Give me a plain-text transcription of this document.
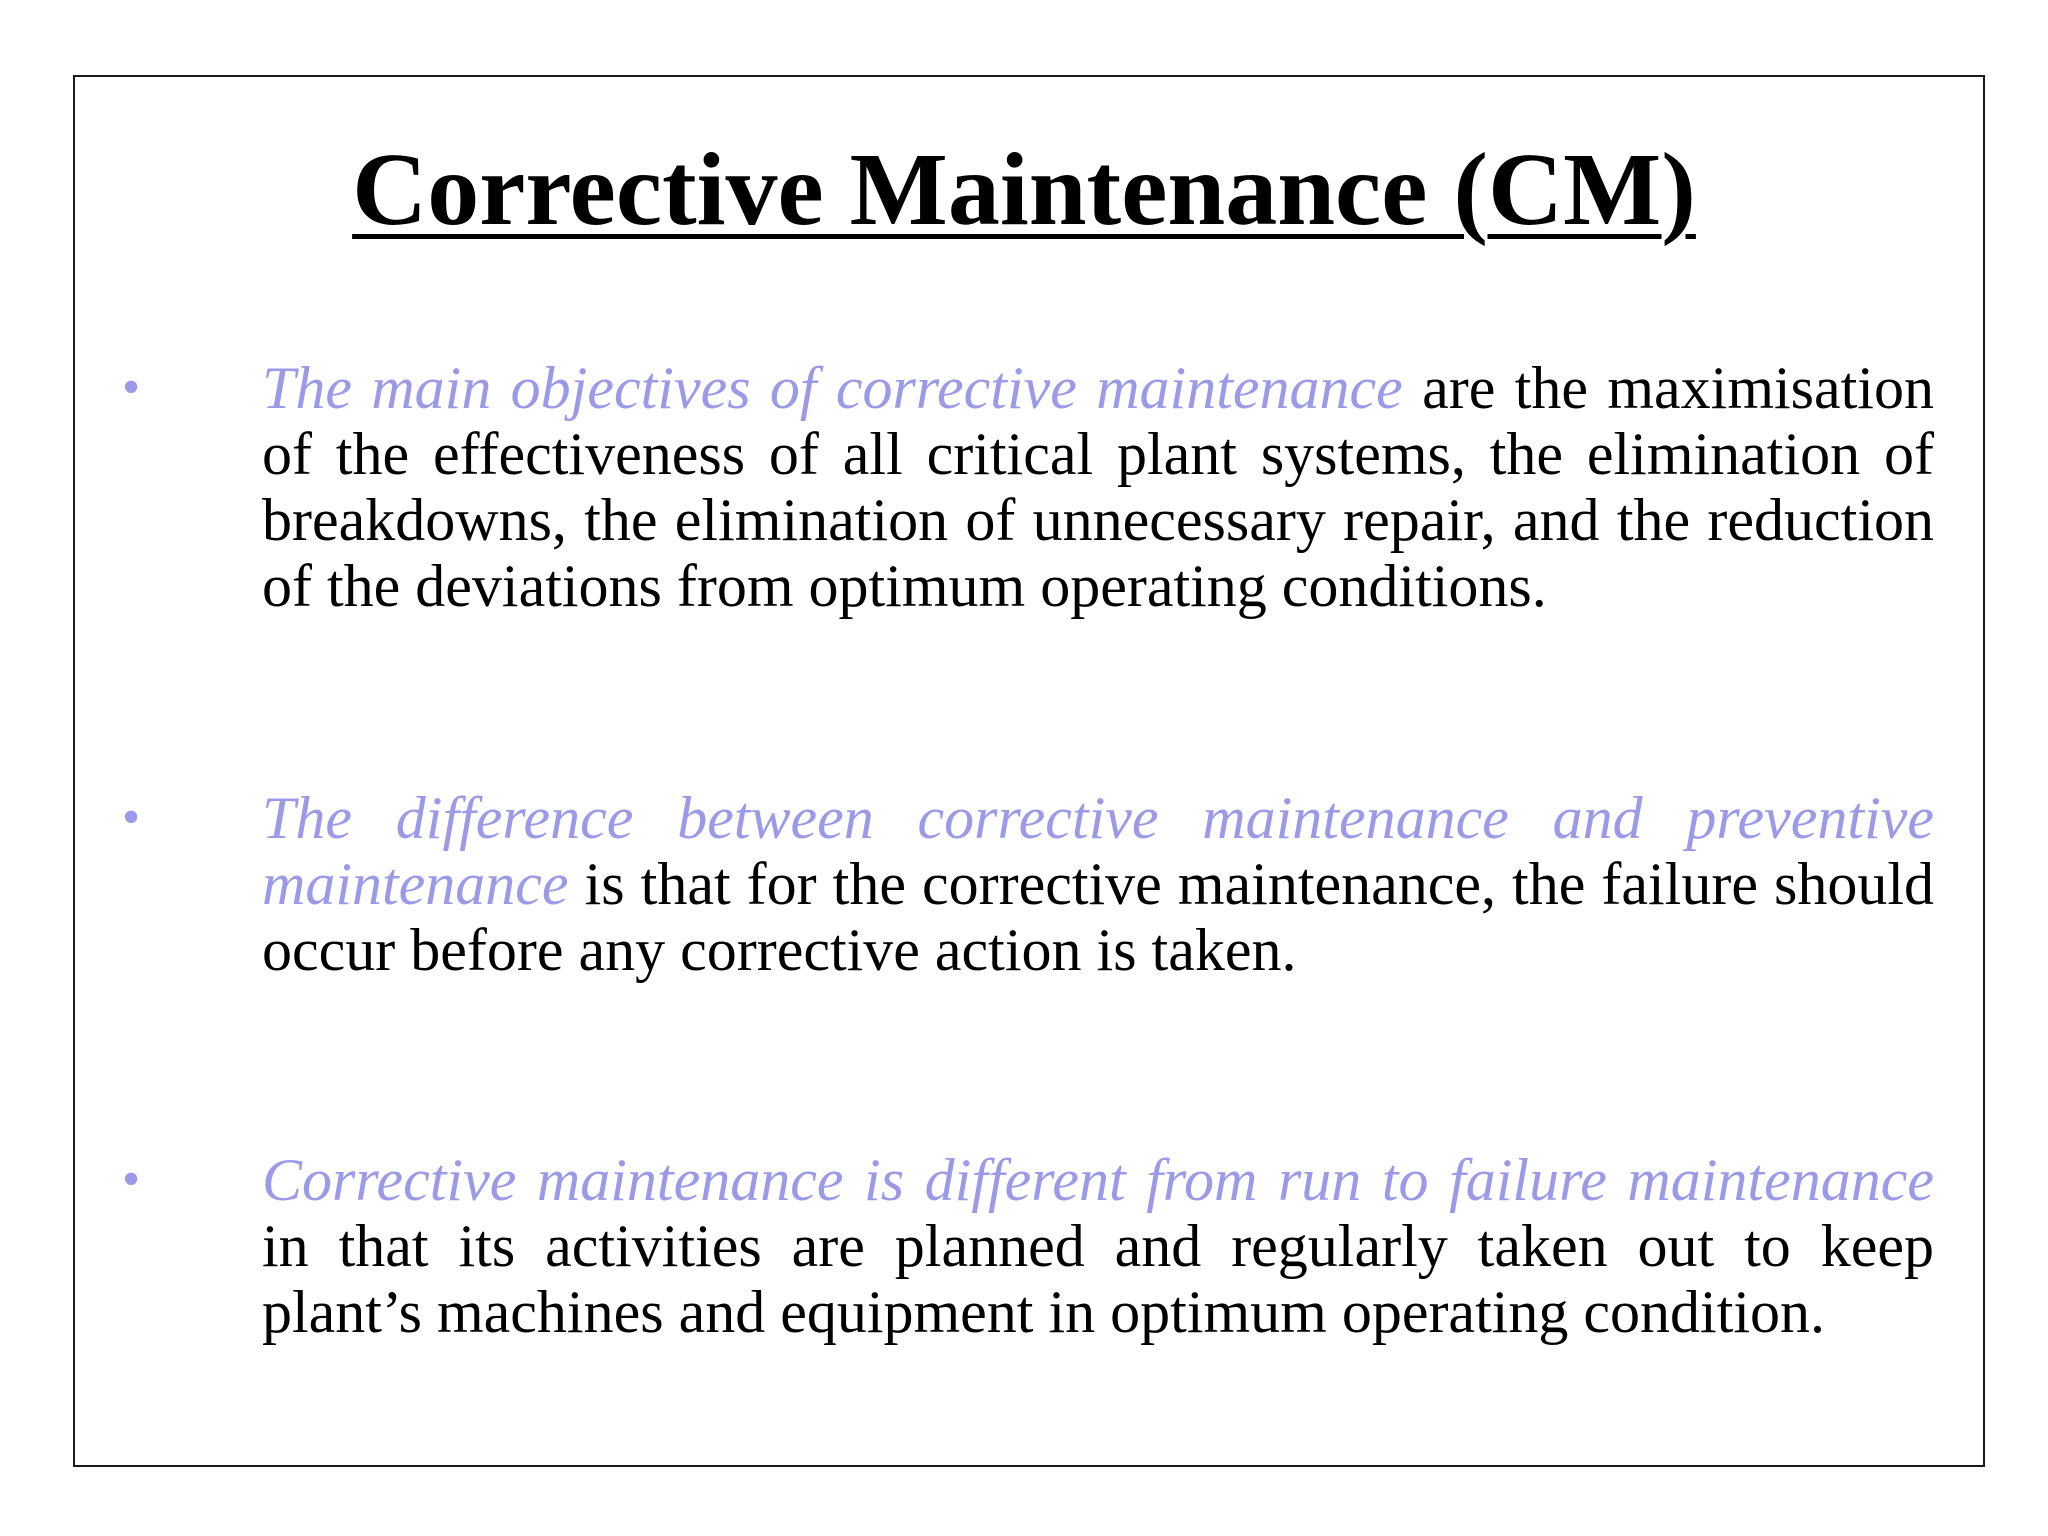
Corrective Maintenance (CM)
• The main objectives of corrective maintenance are the maximisation of the effectiveness of all critical plant systems, the elimination of breakdowns, the elimination of unnecessary repair, and the reduction of the deviations from optimum operating conditions.
• The difference between corrective maintenance and preventive maintenance is that for the corrective maintenance, the failure should occur before any corrective action is taken.
• Corrective maintenance is different from run to failure maintenance in that its activities are planned and regularly taken out to keep plant’s machines and equipment in optimum operating condition.
